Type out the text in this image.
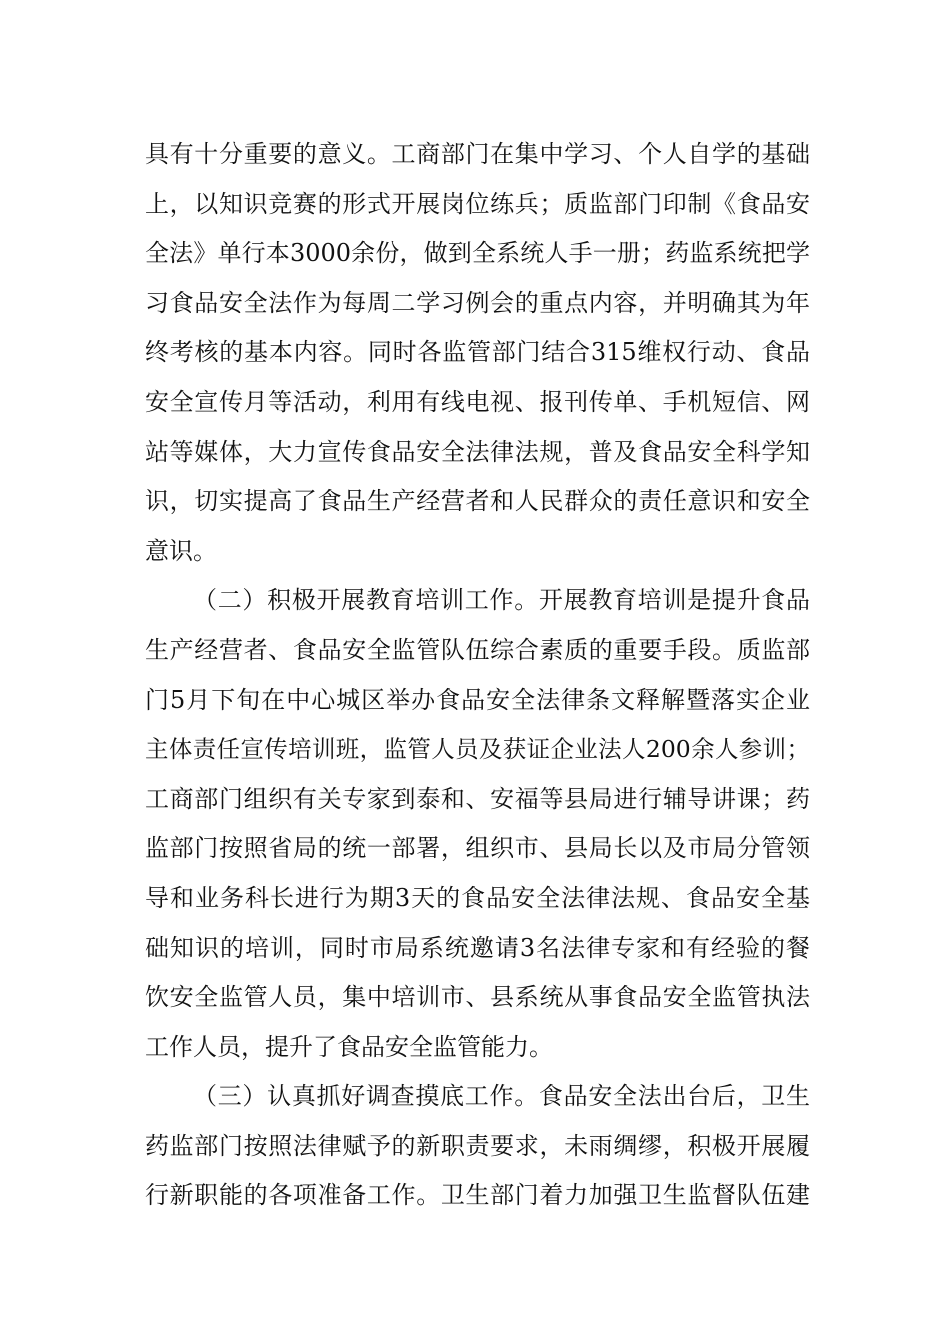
具有十分重要的意义。工商部门在集中学习、个人自学的基础
上，以知识竞赛的形式开展岗位练兵；质监部门印制《食品安
全法》单行本3000余份，做到全系统人手一册；药监系统把学
习食品安全法作为每周二学习例会的重点内容，并明确其为年
终考核的基本内容。同时各监管部门结合315维权行动、食品
安全宣传月等活动，利用有线电视、报刊传单、手机短信、网
站等媒体，大力宣传食品安全法律法规，普及食品安全科学知
识，切实提高了食品生产经营者和人民群众的责任意识和安全
意识。
（二）积极开展教育培训工作。开展教育培训是提升食品
生产经营者、食品安全监管队伍综合素质的重要手段。质监部
门5月下旬在中心城区举办食品安全法律条文释解暨落实企业
主体责任宣传培训班，监管人员及获证企业法人200余人参训；
工商部门组织有关专家到泰和、安福等县局进行辅导讲课；药
监部门按照省局的统一部署，组织市、县局长以及市局分管领
导和业务科长进行为期3天的食品安全法律法规、食品安全基
础知识的培训，同时市局系统邀请3名法律专家和有经验的餐
饮安全监管人员，集中培训市、县系统从事食品安全监管执法
工作人员，提升了食品安全监管能力。
（三）认真抓好调查摸底工作。食品安全法出台后，卫生
药监部门按照法律赋予的新职责要求，未雨绸缪，积极开展履
行新职能的各项准备工作。卫生部门着力加强卫生监督队伍建
